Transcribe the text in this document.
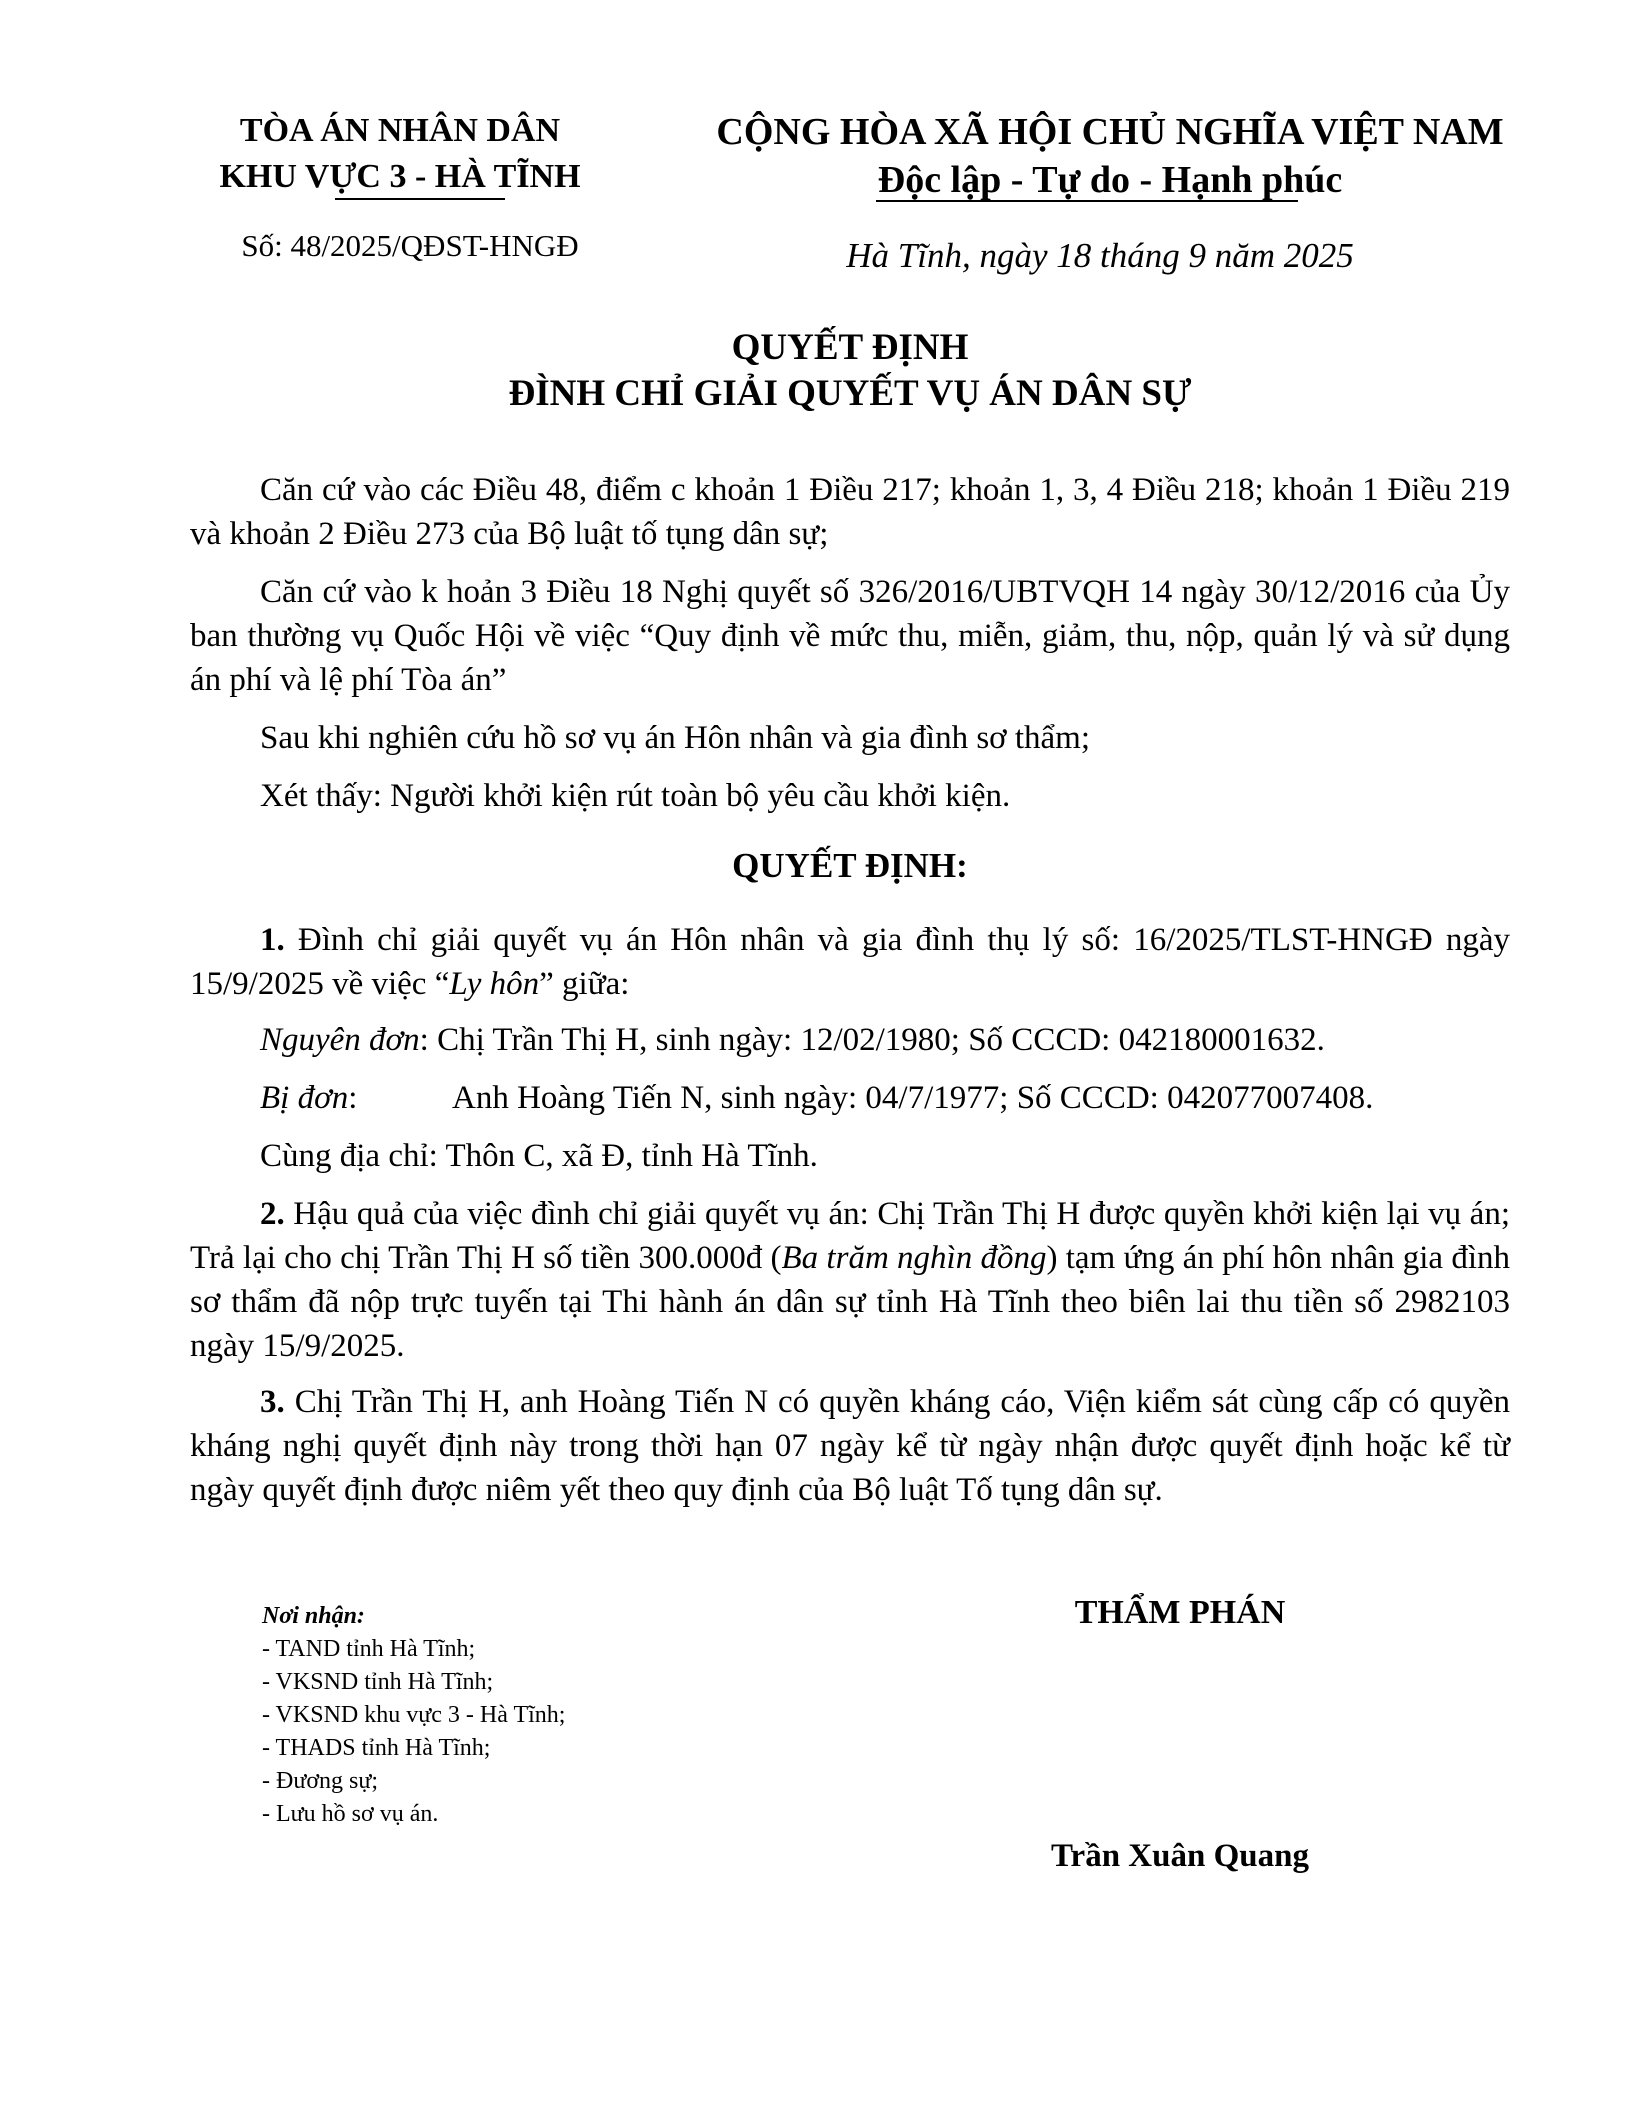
TÒA ÁN NHÂN DÂN
KHU VỰC 3 - HÀ TĨNH
CỘNG HÒA XÃ HỘI CHỦ NGHĨA VIỆT NAM
Độc lập - Tự do - Hạnh phúc
Số: 48/2025/QĐST-HNGĐ	Hà Tĩnh, ngày 18 tháng 9 năm 2025
QUYẾT ĐỊNH
ĐÌNH CHỈ GIẢI QUYẾT VỤ ÁN DÂN SỰ
Căn cứ vào các Điều 48, điểm c khoản 1 Điều 217; khoản 1, 3, 4 Điều 218; khoản 1 Điều 219 và khoản 2 Điều 273 của Bộ luật tố tụng dân sự;
Căn cứ vào k hoản 3 Điều 18 Nghị quyết số 326/2016/UBTVQH 14 ngày 30/12/2016 của Ủy ban thường vụ Quốc Hội về việc “Quy định về mức thu, miễn, giảm, thu, nộp, quản lý và sử dụng án phí và lệ phí Tòa án”
Sau khi nghiên cứu hồ sơ vụ án Hôn nhân và gia đình sơ thẩm;
Xét thấy: Người khởi kiện rút toàn bộ yêu cầu khởi kiện.
QUYẾT ĐỊNH:
1. Đình chỉ giải quyết vụ án Hôn nhân và gia đình thụ lý số: 16/2025/TLST-HNGĐ ngày 15/9/2025 về việc “Ly hôn” giữa:
Nguyên đơn: Chị Trần Thị H, sinh ngày: 12/02/1980; Số CCCD: 042180001632.
Bị đơn:	Anh Hoàng Tiến N, sinh ngày: 04/7/1977; Số CCCD: 042077007408.
Cùng địa chỉ: Thôn C, xã Đ, tỉnh Hà Tĩnh.
2. Hậu quả của việc đình chỉ giải quyết vụ án: Chị Trần Thị H được quyền khởi kiện lại vụ án; Trả lại cho chị Trần Thị H số tiền 300.000đ (Ba trăm nghìn đồng) tạm ứng án phí hôn nhân gia đình sơ thẩm đã nộp trực tuyến tại Thi hành án dân sự tỉnh Hà Tĩnh theo biên lai thu tiền số 2982103 ngày 15/9/2025.
3. Chị Trần Thị H, anh Hoàng Tiến N có quyền kháng cáo, Viện kiểm sát cùng cấp có quyền kháng nghị quyết định này trong thời hạn 07 ngày kể từ ngày nhận được quyết định hoặc kể từ ngày quyết định được niêm yết theo quy định của Bộ luật Tố tụng dân sự.
Nơi nhận:
- TAND tỉnh Hà Tĩnh;
- VKSND tỉnh Hà Tĩnh;
- VKSND khu vực 3 - Hà Tĩnh;
- THADS tỉnh Hà Tĩnh;
- Đương sự;
- Lưu hồ sơ vụ án.
THẨM PHÁN
Trần Xuân Quang
